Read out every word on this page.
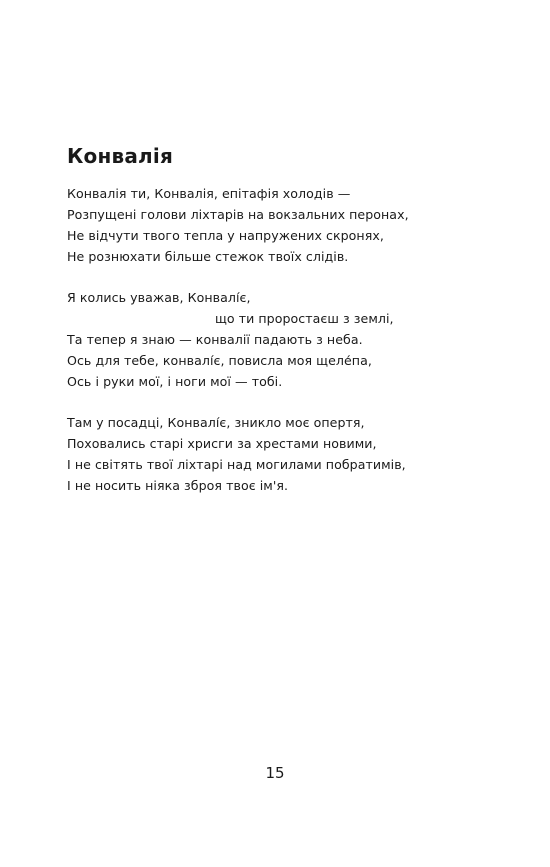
Конвалія
Конвалія ти, Конвалія, епітафія холодів —
Розпущені голови ліхтарів на вокзальних перонах,
Не відчути твого тепла у напружених скронях,
Не рознюхати більше стежок твоїх слідів.
Я колись уважав, Конвалі́є,
що ти проростаєш з землі,
Та тепер я знаю — конвалії падають з неба.
Ось для тебе, конвалі́є, повисла моя щеле́па,
Ось і руки мої, і ноги мої — тобі.
Там у посадці, Конвалі́є, зникло моє опертя,
Поховались старі хрисги за хрестами новими,
І не світять твої ліхтарі над могилами побратимів,
І не носить ніяка зброя твоє ім'я.
15
